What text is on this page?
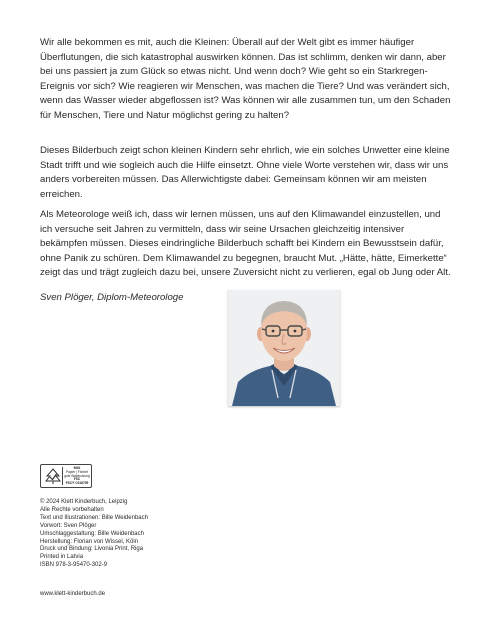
Wir alle bekommen es mit, auch die Kleinen: Überall auf der Welt gibt es immer häufiger Überflutungen, die sich katastrophal auswirken können. Das ist schlimm, denken wir dann, aber bei uns passiert ja zum Glück so etwas nicht. Und wenn doch? Wie geht so ein Starkregen-Ereignis vor sich? Wie reagieren wir Menschen, was machen die Tiere? Und was verändert sich, wenn das Wasser wieder abgeflossen ist? Was können wir alle zusammen tun, um den Schaden für Menschen, Tiere und Natur möglichst gering zu halten?

Dieses Bilderbuch zeigt schon kleinen Kindern sehr ehrlich, wie ein solches Unwetter eine kleine Stadt trifft und wie sogleich auch die Hilfe einsetzt. Ohne viele Worte verstehen wir, dass wir uns anders vorbereiten müssen. Das Allerwichtigste dabei: Gemeinsam können wir am meisten erreichen.

Als Meteorologe weiß ich, dass wir lernen müssen, uns auf den Klimawandel einzustellen, und ich versuche seit Jahren zu vermitteln, dass wir seine Ursachen gleichzeitig intensiver bekämpfen müssen. Dieses eindringliche Bilderbuch schafft bei Kindern ein Bewusstsein dafür, ohne Panik zu schüren. Dem Klimawandel zu begegnen, braucht Mut. „Hätte, hätte, Eimerkette“ zeigt das und trägt zugleich dazu bei, unsere Zuversicht nicht zu verlieren, egal ob Jung oder Alt.

Sven Plöger, Diplom-Meteorologe

MIX
Papier | Fördert
gute Waldnutzung
FSC
FSC® C018795
© 2024 Klett Kinderbuch, Leipzig
Alle Rechte vorbehalten
Text und Illustrationen: Bille Weidenbach
Vorwort: Sven Plöger
Umschlaggestaltung: Bille Weidenbach
Herstellung: Florian von Wissel, Köln
Druck und Bindung: Livonia Print, Riga
Printed in Latvia
ISBN 978-3-95470-302-9
www.klett-kinderbuch.de
